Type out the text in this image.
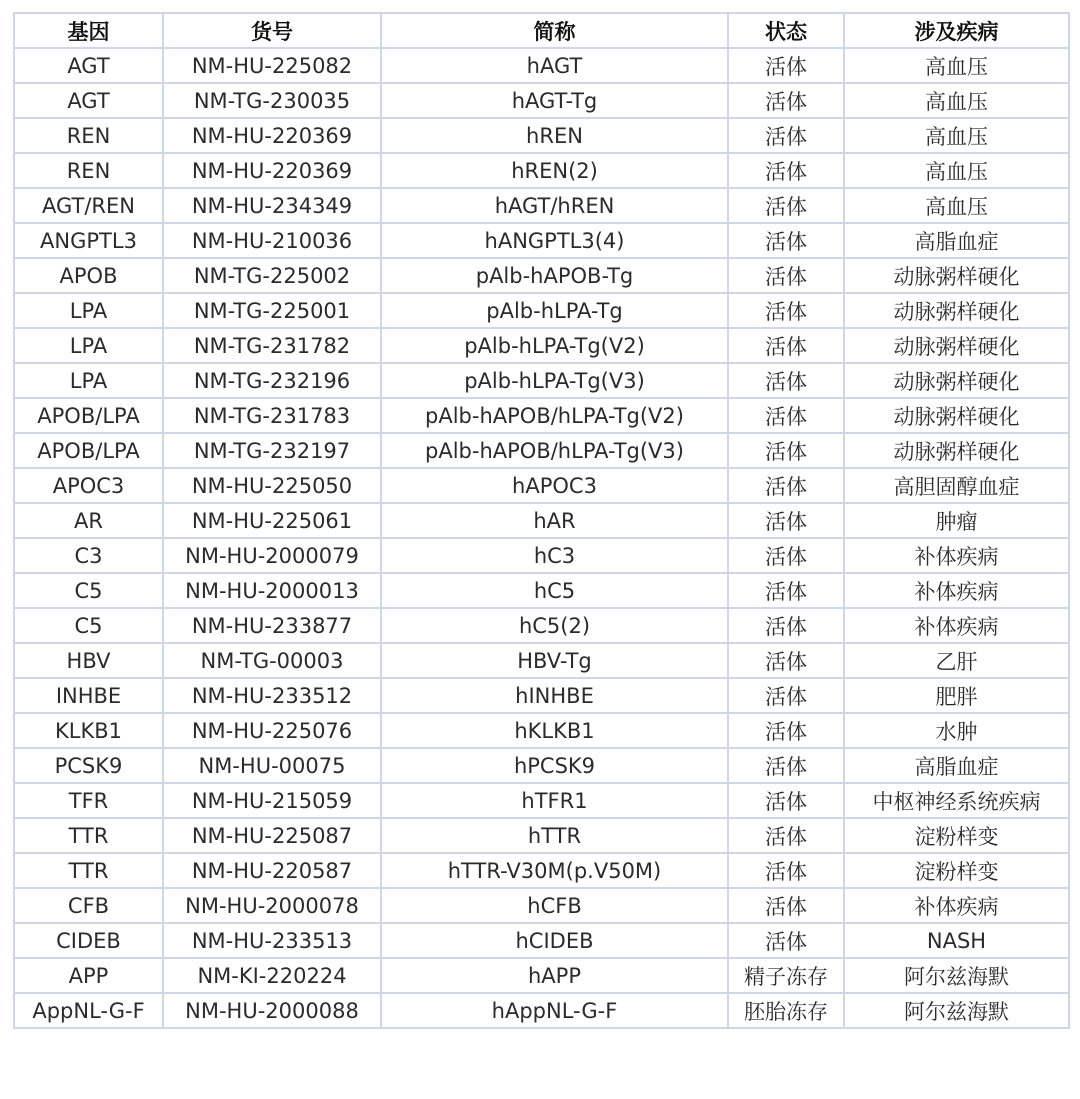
基因	货号	简称	状态	涉及疾病
AGT	NM-HU-225082	hAGT	活体	高血压
AGT	NM-TG-230035	hAGT-Tg	活体	高血压
REN	NM-HU-220369	hREN	活体	高血压
REN	NM-HU-220369	hREN(2)	活体	高血压
AGT/REN	NM-HU-234349	hAGT/hREN	活体	高血压
ANGPTL3	NM-HU-210036	hANGPTL3(4)	活体	高脂血症
APOB	NM-TG-225002	pAlb-hAPOB-Tg	活体	动脉粥样硬化
LPA	NM-TG-225001	pAlb-hLPA-Tg	活体	动脉粥样硬化
LPA	NM-TG-231782	pAlb-hLPA-Tg(V2)	活体	动脉粥样硬化
LPA	NM-TG-232196	pAlb-hLPA-Tg(V3)	活体	动脉粥样硬化
APOB/LPA	NM-TG-231783	pAlb-hAPOB/hLPA-Tg(V2)	活体	动脉粥样硬化
APOB/LPA	NM-TG-232197	pAlb-hAPOB/hLPA-Tg(V3)	活体	动脉粥样硬化
APOC3	NM-HU-225050	hAPOC3	活体	高胆固醇血症
AR	NM-HU-225061	hAR	活体	肿瘤
C3	NM-HU-2000079	hC3	活体	补体疾病
C5	NM-HU-2000013	hC5	活体	补体疾病
C5	NM-HU-233877	hC5(2)	活体	补体疾病
HBV	NM-TG-00003	HBV-Tg	活体	乙肝
INHBE	NM-HU-233512	hINHBE	活体	肥胖
KLKB1	NM-HU-225076	hKLKB1	活体	水肿
PCSK9	NM-HU-00075	hPCSK9	活体	高脂血症
TFR	NM-HU-215059	hTFR1	活体	中枢神经系统疾病
TTR	NM-HU-225087	hTTR	活体	淀粉样变
TTR	NM-HU-220587	hTTR-V30M(p.V50M)	活体	淀粉样变
CFB	NM-HU-2000078	hCFB	活体	补体疾病
CIDEB	NM-HU-233513	hCIDEB	活体	NASH
APP	NM-KI-220224	hAPP	精子冻存	阿尔兹海默
AppNL-G-F	NM-HU-2000088	hAppNL-G-F	胚胎冻存	阿尔兹海默
